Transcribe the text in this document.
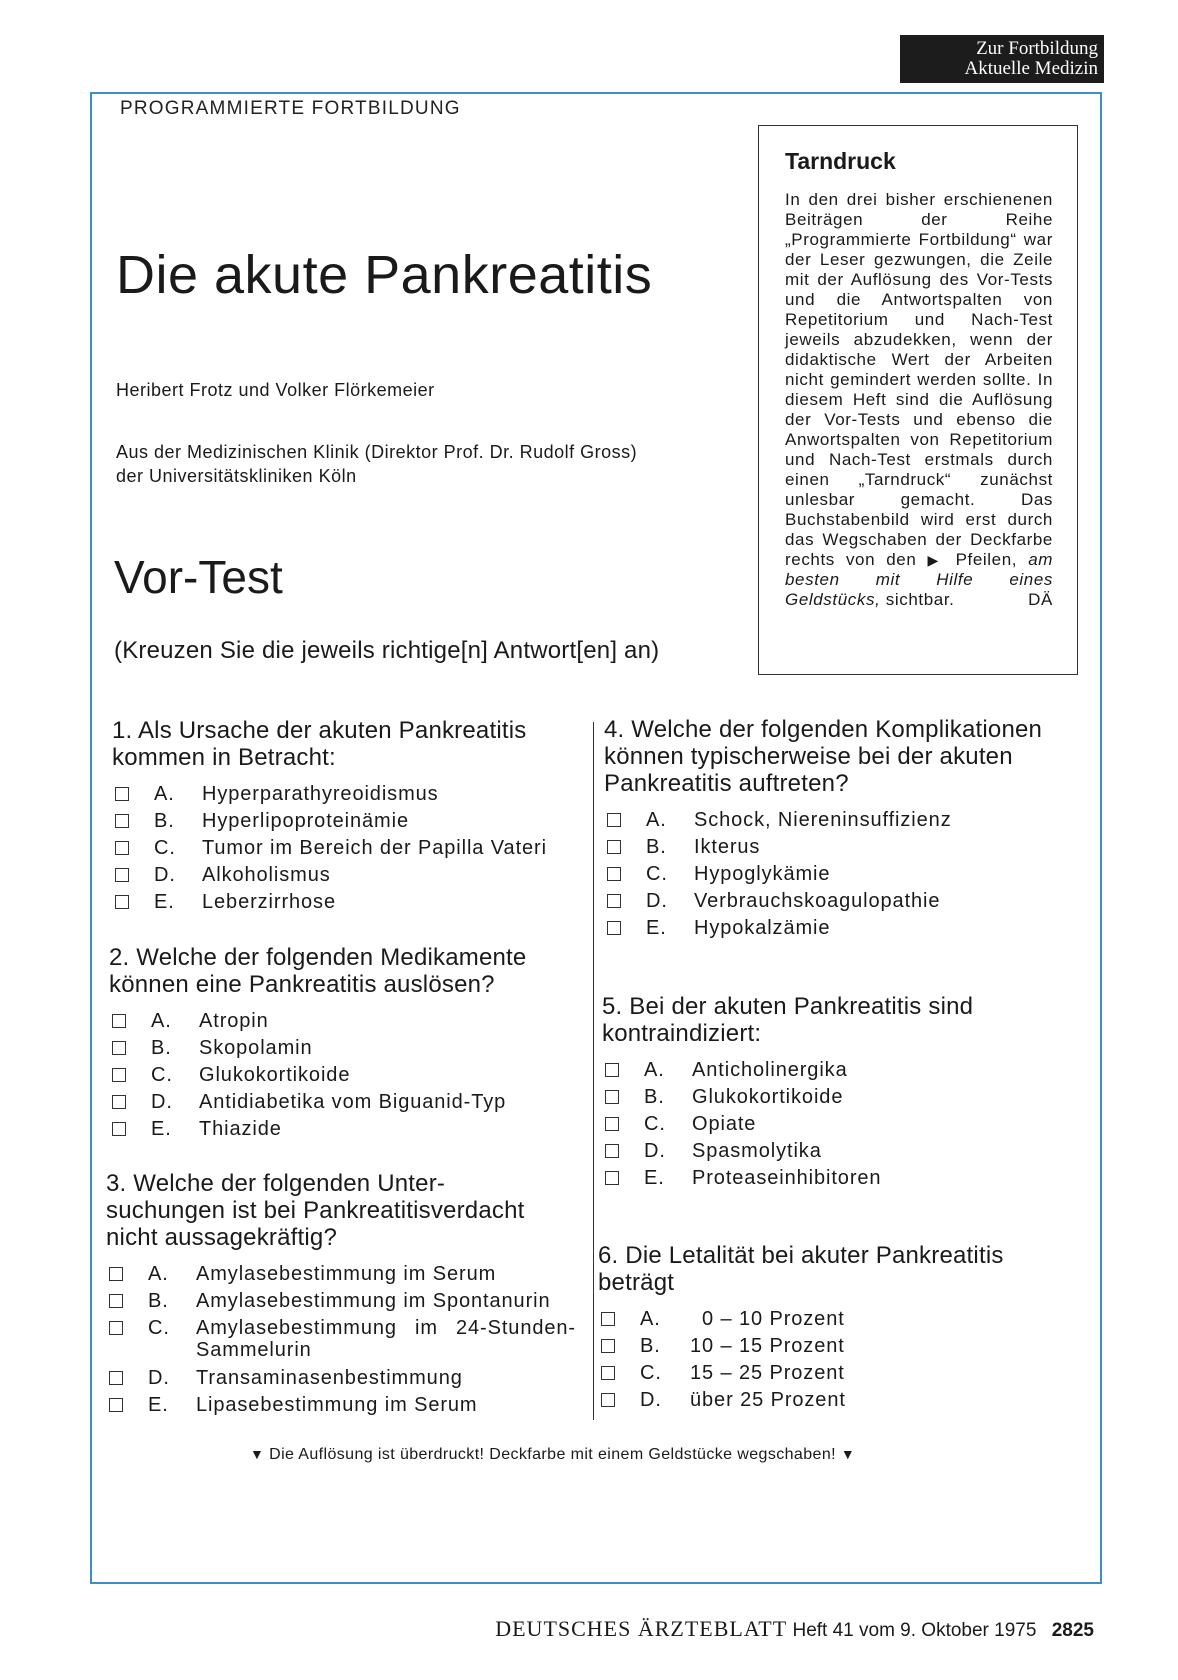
Zur Fortbildung
Aktuelle Medizin
PROGRAMMIERTE FORTBILDUNG
Die akute Pankreatitis
Heribert Frotz und Volker Flörkemeier
Aus der Medizinischen Klinik (Direktor Prof. Dr. Rudolf Gross)
der Universitätskliniken Köln
Vor-Test
(Kreuzen Sie die jeweils richtige[n] Antwort[en] an)
Tarndruck
In den drei bisher erschienenen Beiträgen der Reihe „Programmierte Fortbildung“ war der Leser gezwungen, die Zeile mit der Auflösung des Vor-Tests und die Antwortspalten von Repetitorium und Nach-Test jeweils abzudekken, wenn der didaktische Wert der Arbeiten nicht gemindert werden sollte. In diesem Heft sind die Auflösung der Vor-Tests und ebenso die Anwortspalten von Repetitorium und Nach-Test erstmals durch einen „Tarndruck“ zunächst unlesbar gemacht. Das Buchstabenbild wird erst durch das Wegschaben der Deckfarbe rechts von den ▶ Pfeilen, am besten mit Hilfe eines Geldstücks, sichtbar.	DÄ
1. Als Ursache der akuten Pankreatitis
kommen in Betracht:
A. Hyperparathyreoidismus
B. Hyperlipoproteinämie
C. Tumor im Bereich der Papilla Vateri
D. Alkoholismus
E. Leberzirrhose
2. Welche der folgenden Medikamente
können eine Pankreatitis auslösen?
A. Atropin
B. Skopolamin
C. Glukokortikoide
D. Antidiabetika vom Biguanid-Typ
E. Thiazide
3. Welche der folgenden Unter-
suchungen ist bei Pankreatitisverdacht
nicht aussagekräftig?
A. Amylasebestimmung im Serum
B. Amylasebestimmung im Spontanurin
C. Amylasebestimmung im 24-Stunden-Sammelurin
D. Transaminasenbestimmung
E. Lipasebestimmung im Serum
4. Welche der folgenden Komplikationen
können typischerweise bei der akuten
Pankreatitis auftreten?
A. Schock, Niereninsuffizienz
B. Ikterus
C. Hypoglykämie
D. Verbrauchskoagulopathie
E. Hypokalzämie
5. Bei der akuten Pankreatitis sind
kontraindiziert:
A. Anticholinergika
B. Glukokortikoide
C. Opiate
D. Spasmolytika
E. Proteaseinhibitoren
6. Die Letalität bei akuter Pankreatitis
beträgt
A. 0 – 10 Prozent
B. 10 – 15 Prozent
C. 15 – 25 Prozent
D. über 25 Prozent
▼ Die Auflösung ist überdruckt! Deckfarbe mit einem Geldstücke wegschaben! ▼
DEUTSCHES ÄRZTEBLATT Heft 41 vom 9. Oktober 1975 2825
